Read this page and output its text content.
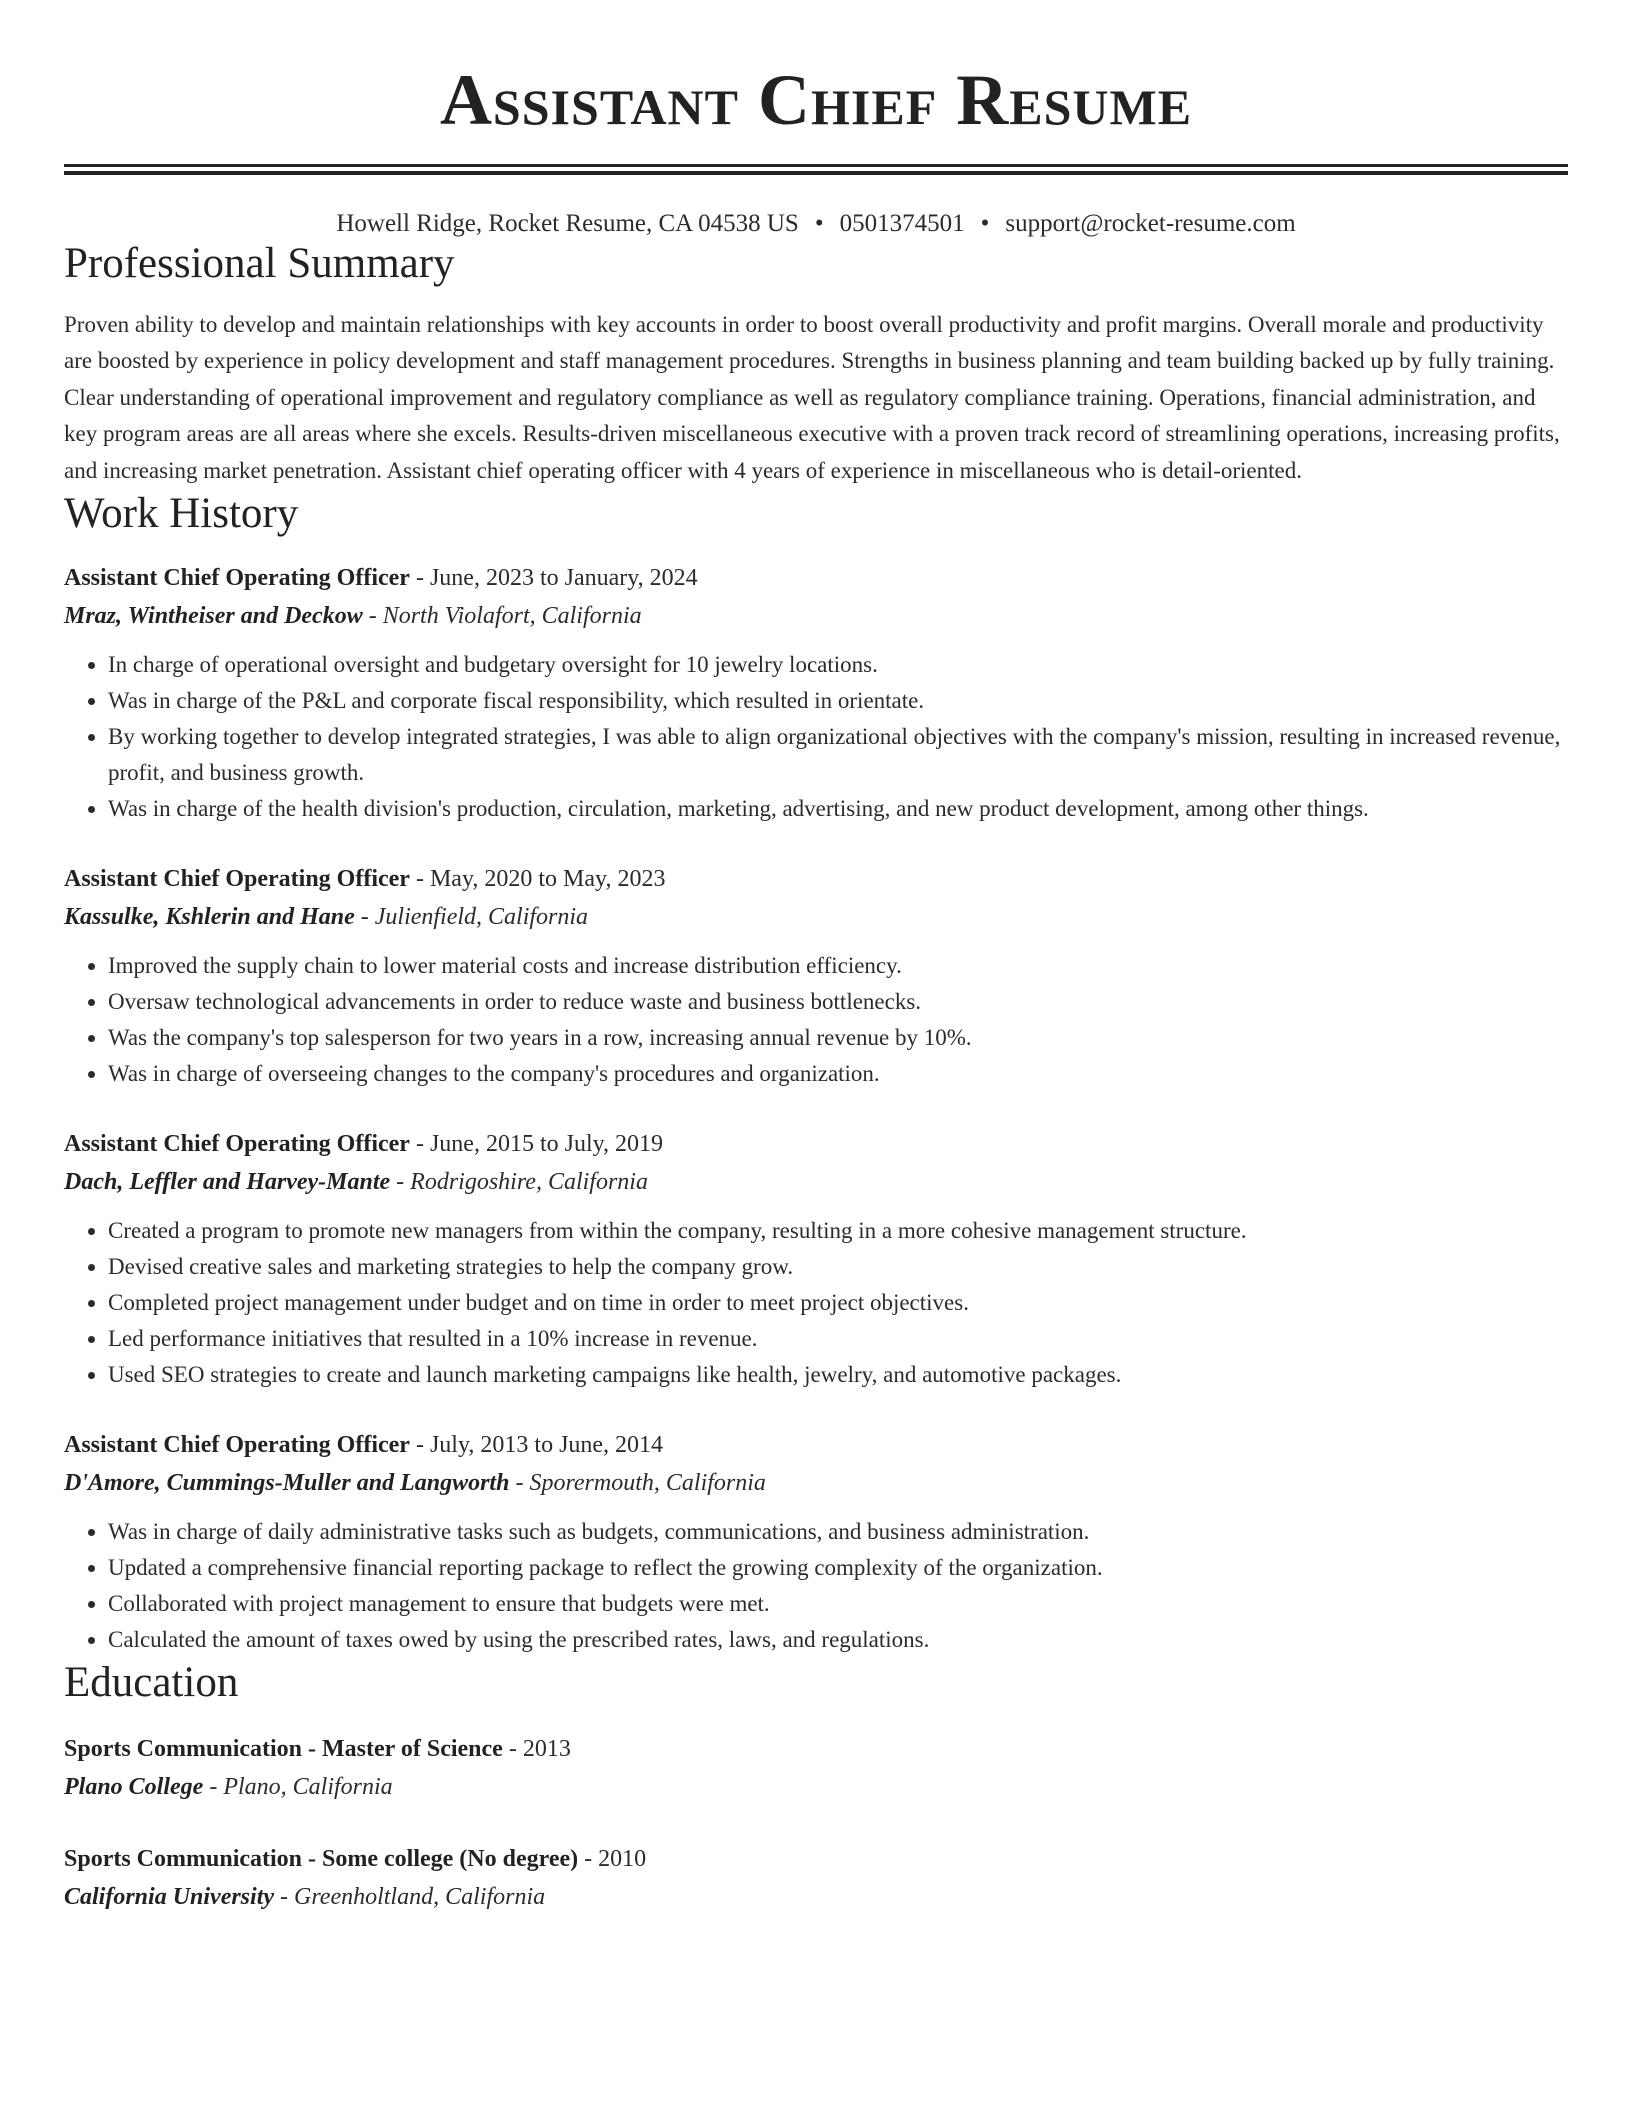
Assistant Chief Resume
Howell Ridge, Rocket Resume, CA 04538 US • 0501374501 • support@rocket-resume.com
Professional Summary
Proven ability to develop and maintain relationships with key accounts in order to boost overall productivity and profit margins. Overall morale and productivity are boosted by experience in policy development and staff management procedures. Strengths in business planning and team building backed up by fully training. Clear understanding of operational improvement and regulatory compliance as well as regulatory compliance training. Operations, financial administration, and key program areas are all areas where she excels. Results-driven miscellaneous executive with a proven track record of streamlining operations, increasing profits, and increasing market penetration. Assistant chief operating officer with 4 years of experience in miscellaneous who is detail-oriented.
Work History
Assistant Chief Operating Officer - June, 2023 to January, 2024
Mraz, Wintheiser and Deckow - North Violafort, California
• In charge of operational oversight and budgetary oversight for 10 jewelry locations.
• Was in charge of the P&L and corporate fiscal responsibility, which resulted in orientate.
• By working together to develop integrated strategies, I was able to align organizational objectives with the company's mission, resulting in increased revenue, profit, and business growth.
• Was in charge of the health division's production, circulation, marketing, advertising, and new product development, among other things.
Assistant Chief Operating Officer - May, 2020 to May, 2023
Kassulke, Kshlerin and Hane - Julienfield, California
• Improved the supply chain to lower material costs and increase distribution efficiency.
• Oversaw technological advancements in order to reduce waste and business bottlenecks.
• Was the company's top salesperson for two years in a row, increasing annual revenue by 10%.
• Was in charge of overseeing changes to the company's procedures and organization.
Assistant Chief Operating Officer - June, 2015 to July, 2019
Dach, Leffler and Harvey-Mante - Rodrigoshire, California
• Created a program to promote new managers from within the company, resulting in a more cohesive management structure.
• Devised creative sales and marketing strategies to help the company grow.
• Completed project management under budget and on time in order to meet project objectives.
• Led performance initiatives that resulted in a 10% increase in revenue.
• Used SEO strategies to create and launch marketing campaigns like health, jewelry, and automotive packages.
Assistant Chief Operating Officer - July, 2013 to June, 2014
D'Amore, Cummings-Muller and Langworth - Sporermouth, California
• Was in charge of daily administrative tasks such as budgets, communications, and business administration.
• Updated a comprehensive financial reporting package to reflect the growing complexity of the organization.
• Collaborated with project management to ensure that budgets were met.
• Calculated the amount of taxes owed by using the prescribed rates, laws, and regulations.
Education
Sports Communication - Master of Science - 2013
Plano College - Plano, California
Sports Communication - Some college (No degree) - 2010
California University - Greenholtland, California
